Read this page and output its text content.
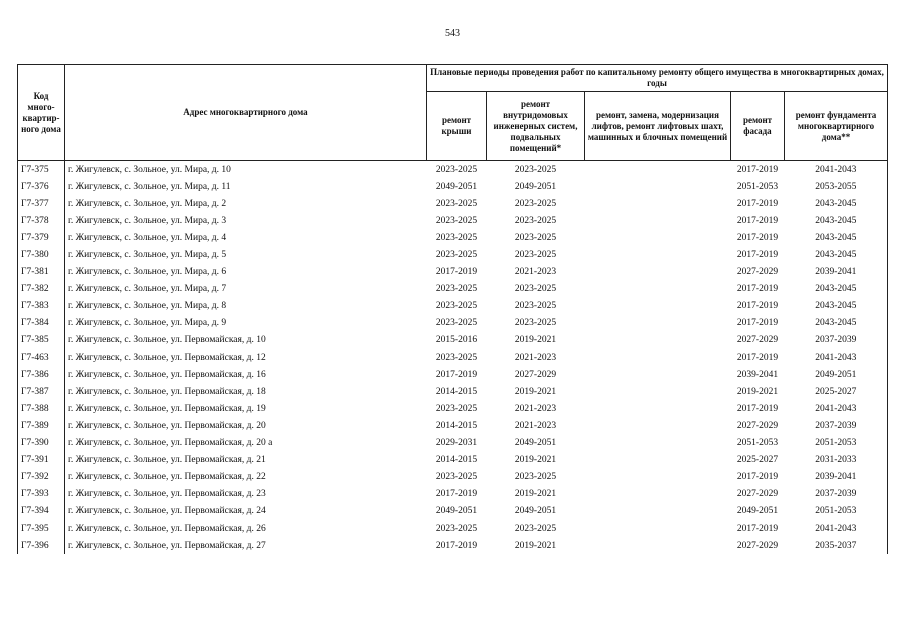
543
Код много-квартир-ного дома	Адрес многоквартирного дома	Плановые периоды проведения работ по капитальному ремонту общего имущества в многоквартирных домах, годы				
		ремонт крыши	ремонт внутридомовых инженерных систем, подвальных помещений*	ремонт, замена, модернизация лифтов, ремонт лифтовых шахт, машинных и блочных помещений	ремонт фасада	ремонт фундамента многоквартирного дома**
Г7-375	г. Жигулевск, с. Зольное, ул. Мира, д. 10	2023-2025	2023-2025		2017-2019	2041-2043
Г7-376	г. Жигулевск, с. Зольное, ул. Мира, д. 11	2049-2051	2049-2051		2051-2053	2053-2055
Г7-377	г. Жигулевск, с. Зольное, ул. Мира, д. 2	2023-2025	2023-2025		2017-2019	2043-2045
Г7-378	г. Жигулевск, с. Зольное, ул. Мира, д. 3	2023-2025	2023-2025		2017-2019	2043-2045
Г7-379	г. Жигулевск, с. Зольное, ул. Мира, д. 4	2023-2025	2023-2025		2017-2019	2043-2045
Г7-380	г. Жигулевск, с. Зольное, ул. Мира, д. 5	2023-2025	2023-2025		2017-2019	2043-2045
Г7-381	г. Жигулевск, с. Зольное, ул. Мира, д. 6	2017-2019	2021-2023		2027-2029	2039-2041
Г7-382	г. Жигулевск, с. Зольное, ул. Мира, д. 7	2023-2025	2023-2025		2017-2019	2043-2045
Г7-383	г. Жигулевск, с. Зольное, ул. Мира, д. 8	2023-2025	2023-2025		2017-2019	2043-2045
Г7-384	г. Жигулевск, с. Зольное, ул. Мира, д. 9	2023-2025	2023-2025		2017-2019	2043-2045
Г7-385	г. Жигулевск, с. Зольное, ул. Первомайская, д. 10	2015-2016	2019-2021		2027-2029	2037-2039
Г7-463	г. Жигулевск, с. Зольное, ул. Первомайская, д. 12	2023-2025	2021-2023		2017-2019	2041-2043
Г7-386	г. Жигулевск, с. Зольное, ул. Первомайская, д. 16	2017-2019	2027-2029		2039-2041	2049-2051
Г7-387	г. Жигулевск, с. Зольное, ул. Первомайская, д. 18	2014-2015	2019-2021		2019-2021	2025-2027
Г7-388	г. Жигулевск, с. Зольное, ул. Первомайская, д. 19	2023-2025	2021-2023		2017-2019	2041-2043
Г7-389	г. Жигулевск, с. Зольное, ул. Первомайская, д. 20	2014-2015	2021-2023		2027-2029	2037-2039
Г7-390	г. Жигулевск, с. Зольное, ул. Первомайская, д. 20 а	2029-2031	2049-2051		2051-2053	2051-2053
Г7-391	г. Жигулевск, с. Зольное, ул. Первомайская, д. 21	2014-2015	2019-2021		2025-2027	2031-2033
Г7-392	г. Жигулевск, с. Зольное, ул. Первомайская, д. 22	2023-2025	2023-2025		2017-2019	2039-2041
Г7-393	г. Жигулевск, с. Зольное, ул. Первомайская, д. 23	2017-2019	2019-2021		2027-2029	2037-2039
Г7-394	г. Жигулевск, с. Зольное, ул. Первомайская, д. 24	2049-2051	2049-2051		2049-2051	2051-2053
Г7-395	г. Жигулевск, с. Зольное, ул. Первомайская, д. 26	2023-2025	2023-2025		2017-2019	2041-2043
Г7-396	г. Жигулевск, с. Зольное, ул. Первомайская, д. 27	2017-2019	2019-2021		2027-2029	2035-2037
